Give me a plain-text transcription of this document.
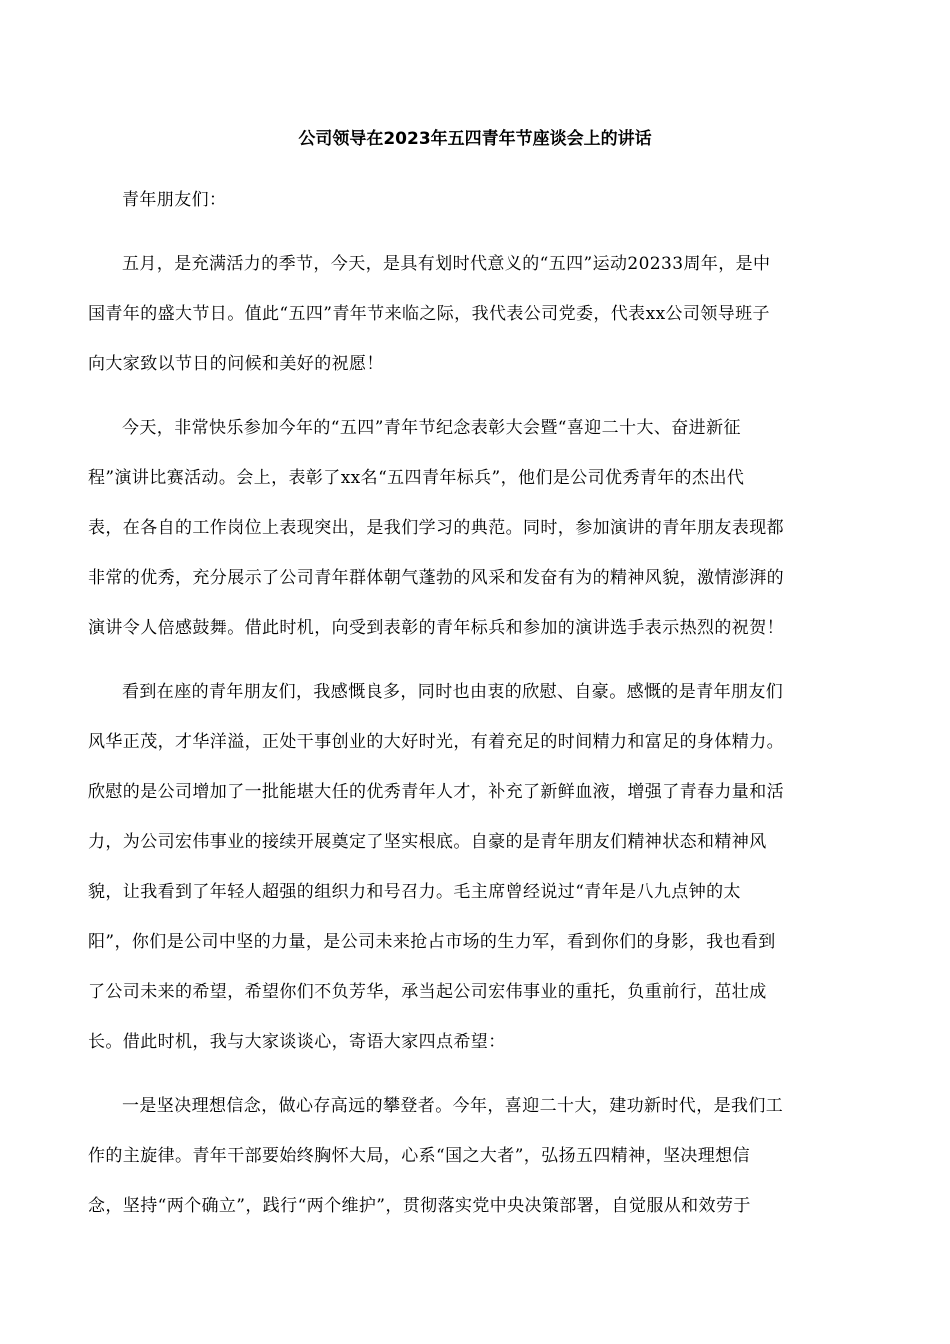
公司领导在2023年五四青年节座谈会上的讲话
青年朋友们：
五月，是充满活力的季节，今天，是具有划时代意义的“五四”运动20233周年，是中
国青年的盛大节日。值此“五四”青年节来临之际，我代表公司党委，代表xx公司领导班子
向大家致以节日的问候和美好的祝愿！
今天，非常快乐参加今年的“五四”青年节纪念表彰大会暨“喜迎二十大、奋进新征
程”演讲比赛活动。会上，表彰了xx名“五四青年标兵”，他们是公司优秀青年的杰出代
表，在各自的工作岗位上表现突出，是我们学习的典范。同时，参加演讲的青年朋友表现都
非常的优秀，充分展示了公司青年群体朝气蓬勃的风采和发奋有为的精神风貌，激情澎湃的
演讲令人倍感鼓舞。借此时机，向受到表彰的青年标兵和参加的演讲选手表示热烈的祝贺！
看到在座的青年朋友们，我感慨良多，同时也由衷的欣慰、自豪。感慨的是青年朋友们
风华正茂，才华洋溢，正处干事创业的大好时光，有着充足的时间精力和富足的身体精力。
欣慰的是公司增加了一批能堪大任的优秀青年人才，补充了新鲜血液，增强了青春力量和活
力，为公司宏伟事业的接续开展奠定了坚实根底。自豪的是青年朋友们精神状态和精神风
貌，让我看到了年轻人超强的组织力和号召力。毛主席曾经说过“青年是八九点钟的太
阳”，你们是公司中坚的力量，是公司未来抢占市场的生力军，看到你们的身影，我也看到
了公司未来的希望，希望你们不负芳华，承当起公司宏伟事业的重托，负重前行，茁壮成
长。借此时机，我与大家谈谈心，寄语大家四点希望：
一是坚决理想信念，做心存高远的攀登者。今年，喜迎二十大，建功新时代，是我们工
作的主旋律。青年干部要始终胸怀大局，心系“国之大者”，弘扬五四精神，坚决理想信
念，坚持“两个确立”，践行“两个维护”，贯彻落实党中央决策部署，自觉服从和效劳于
